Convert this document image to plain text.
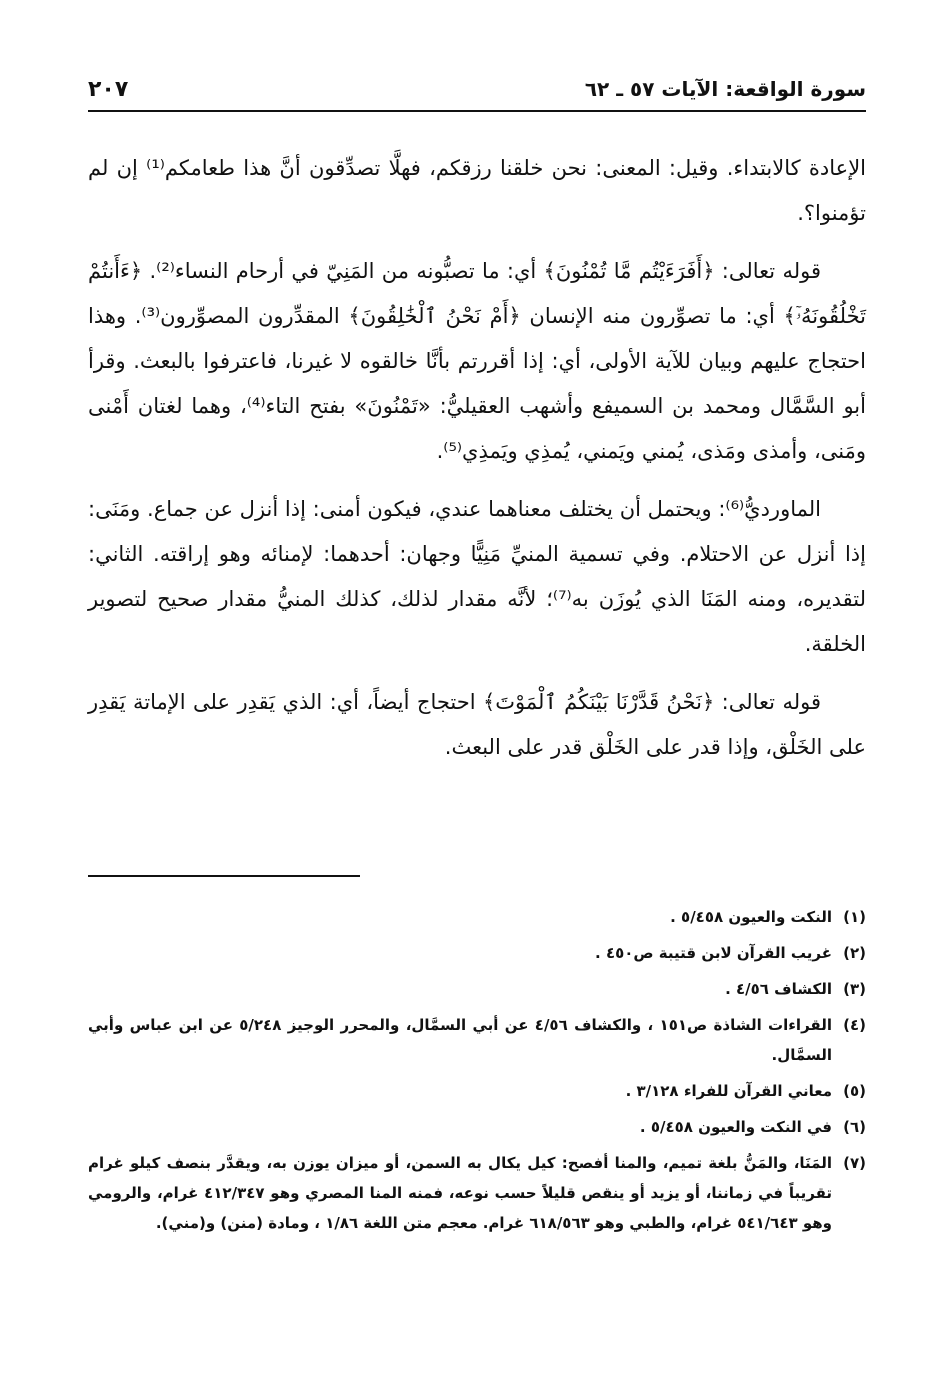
سورة الواقعة: الآيات ٥٧ ـ ٦٢
٢٠٧

الإعادة كالابتداء. وقيل: المعنى: نحن خلقنا رزقكم، فهلَّا تصدِّقون أنَّ هذا طعامكم⁽¹⁾ إن لم تؤمنوا؟.

قوله تعالى: ﴿أَفَرَءَيْتُم مَّا تُمْنُونَ﴾ أي: ما تصبُّونه من المَنِيّ في أرحام النساء⁽²⁾. ﴿ءَأَنتُمْ تَخْلُقُونَهُۥٓ﴾ أي: ما تصوِّرون منه الإنسان ﴿أَمْ نَحْنُ ٱلْخَٰلِقُونَ﴾ المقدِّرون المصوِّرون⁽³⁾. وهذا احتجاج عليهم وبيان للآية الأولى، أي: إذا أقررتم بأنَّا خالقوه لا غيرنا، فاعترفوا بالبعث. وقرأ أبو السَّمَّال ومحمد بن السميفع وأشهب العقيليُّ: «تَمْنُونَ» بفتح التاء⁽⁴⁾، وهما لغتان أَمْنى ومَنى، وأمذى ومَذى، يُمني ويَمني، يُمذِي ويَمذِي⁽⁵⁾.

الماورديُّ⁽⁶⁾: ويحتمل أن يختلف معناهما عندي، فيكون أمنى: إذا أنزل عن جماع. ومَنَى: إذا أنزل عن الاحتلام. وفي تسمية المنيِّ مَنِيًّا وجهان: أحدهما: لإمنائه وهو إراقته. الثاني: لتقديره، ومنه المَنَا الذي يُوزَن به⁽⁷⁾؛ لأنَّه مقدار لذلك، كذلك المنيُّ مقدار صحيح لتصوير الخلقة.

قوله تعالى: ﴿نَحْنُ قَدَّرْنَا بَيْنَكُمُ ٱلْمَوْتَ﴾ احتجاج أيضاً، أي: الذي يَقدِر على الإماتة يَقدِر على الخَلْق، وإذا قدر على الخَلْق قدر على البعث.

(١)
النكت والعيون ٥/٤٥٨ .
(٢)
غريب القرآن لابن قتيبة ص٤٥٠ .
(٣)
الكشاف ٤/٥٦ .
(٤)
القراءات الشاذة ص١٥١ ، والكشاف ٤/٥٦ عن أبي السمَّال، والمحرر الوجيز ٥/٢٤٨ عن ابن عباس وأبي السمَّال.
(٥)
معاني القرآن للفراء ٣/١٢٨ .
(٦)
في النكت والعيون ٥/٤٥٨ .
(٧)
المَنَا، والمَنُّ بلغة تميم، والمنا أفصح: كيل يكال به السمن، أو ميزان يوزن به، ويقدَّر بنصف كيلو غرام تقريباً في زماننا، أو يزيد أو ينقص قليلاً حسب نوعه، فمنه المنا المصري وهو ٤١٢/٣٤٧ غرام، والرومي وهو ٥٤١/٦٤٣ غرام، والطبي وهو ٦١٨/٥٦٣ غرام. معجم متن اللغة ١/٨٦ ، ومادة (منن) و(مني).
